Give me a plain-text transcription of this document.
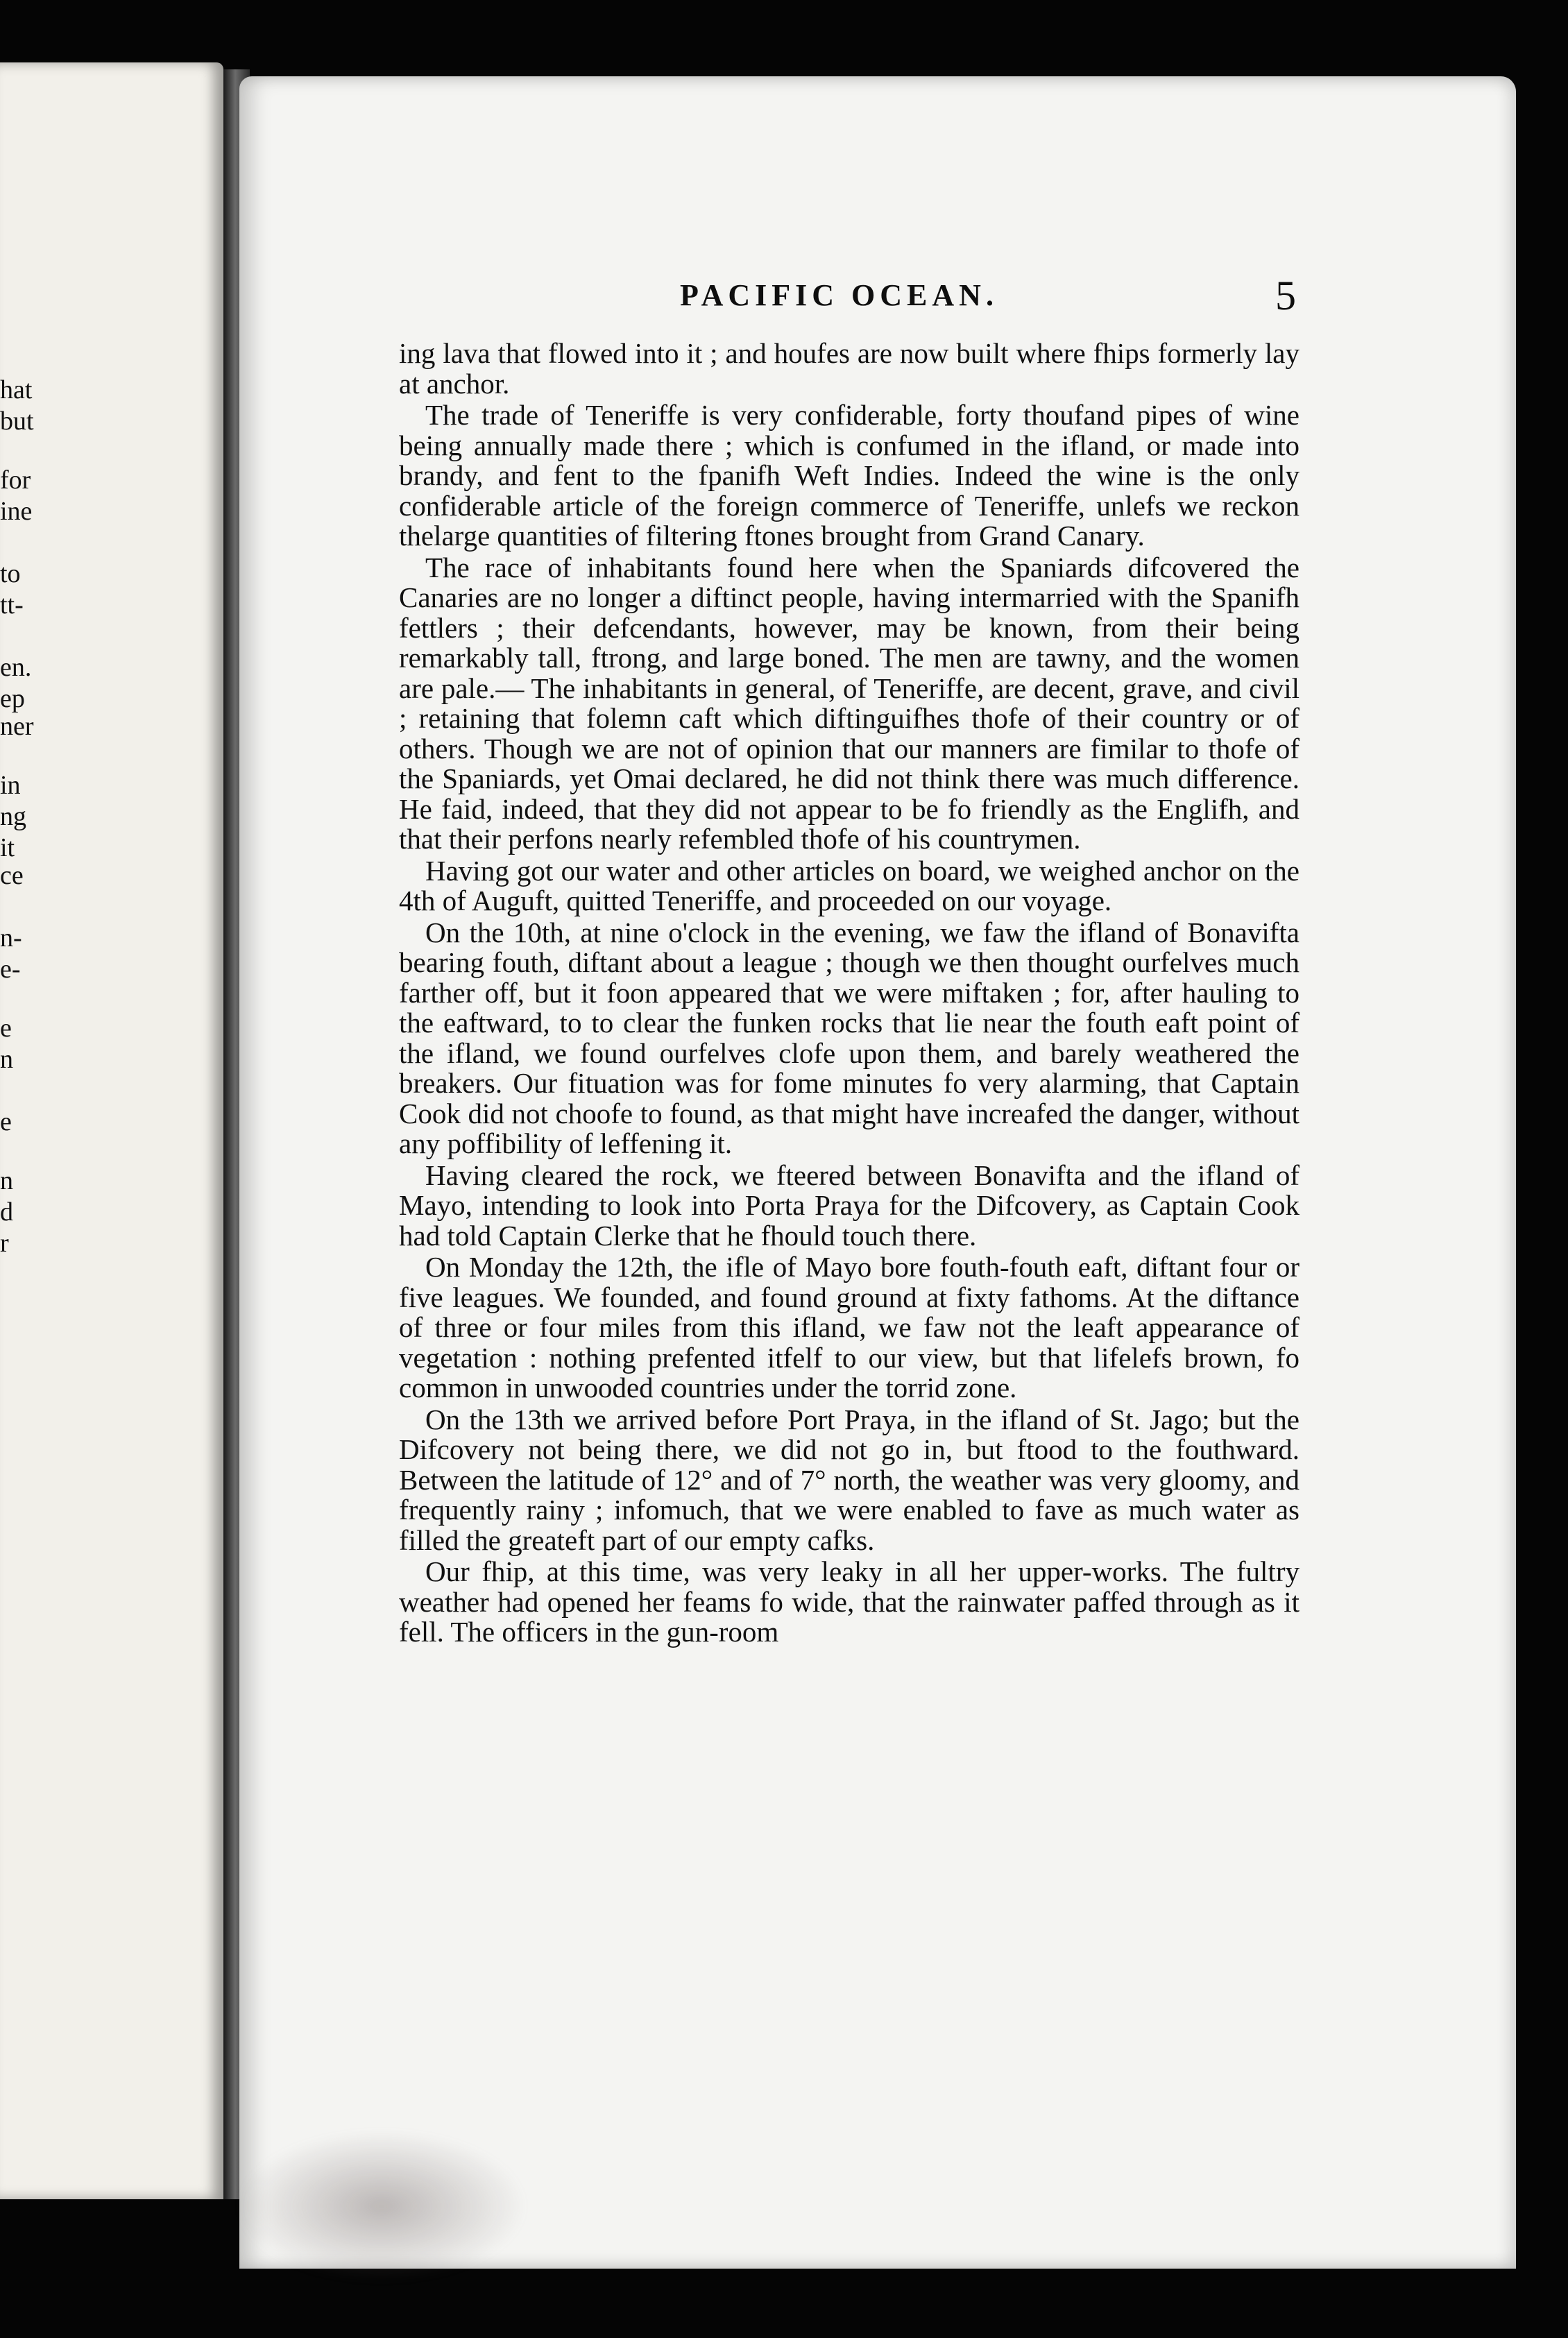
hat
but
for
ine
to
tt-
en.
ep
ner
in
ng
it
ce
n-
e-
e
n
e
n
d
r
PACIFIC OCEAN.	5

ing lava that flowed into it ; and houfes are now built where fhips formerly lay at anchor.

The trade of Teneriffe is very confiderable, forty thoufand pipes of wine being annually made there ; which is confumed in the ifland, or made into brandy, and fent to the fpanifh Weft Indies. Indeed the wine is the only confiderable article of the foreign commerce of Teneriffe, unlefs we reckon thelarge quantities of filtering ftones brought from Grand Canary.

The race of inhabitants found here when the Spaniards difcovered the Canaries are no longer a diftinct people, having intermarried with the Spanifh fettlers ; their defcendants, however, may be known, from their being remarkably tall, ftrong, and large boned. The men are tawny, and the women are pale.— The inhabitants in general, of Teneriffe, are decent, grave, and civil ; retaining that folemn caft which diftinguifhes thofe of their country or of others. Though we are not of opinion that our manners are fimilar to thofe of the Spaniards, yet Omai declared, he did not think there was much difference. He faid, indeed, that they did not appear to be fo friendly as the Englifh, and that their perfons nearly refembled thofe of his countrymen.

Having got our water and other articles on board, we weighed anchor on the 4th of Auguft, quitted Teneriffe, and proceeded on our voyage.

On the 10th, at nine o'clock in the evening, we faw the ifland of Bonavifta bearing fouth, diftant about a league ; though we then thought ourfelves much farther off, but it foon appeared that we were miftaken ; for, after hauling to the eaftward, to to clear the funken rocks that lie near the fouth eaft point of the ifland, we found ourfelves clofe upon them, and barely weathered the breakers. Our fituation was for fome minutes fo very alarming, that Captain Cook did not choofe to found, as that might have increafed the danger, without any poffibility of leffening it.

Having cleared the rock, we fteered between Bonavifta and the ifland of Mayo, intending to look into Porta Praya for the Difcovery, as Captain Cook had told Captain Clerke that he fhould touch there.

On Monday the 12th, the ifle of Mayo bore fouth-fouth eaft, diftant four or five leagues. We founded, and found ground at fixty fathoms. At the diftance of three or four miles from this ifland, we faw not the leaft appearance of vegetation : nothing prefented itfelf to our view, but that lifelefs brown, fo common in unwooded countries under the torrid zone.

On the 13th we arrived before Port Praya, in the ifland of St. Jago; but the Difcovery not being there, we did not go in, but ftood to the fouthward. Between the latitude of 12° and of 7° north, the weather was very gloomy, and frequently rainy ; infomuch, that we were enabled to fave as much water as filled the greateft part of our empty cafks.

Our fhip, at this time, was very leaky in all her upper-works. The fultry weather had opened her feams fo wide, that the rainwater paffed through as it fell. The officers in the gun-room
